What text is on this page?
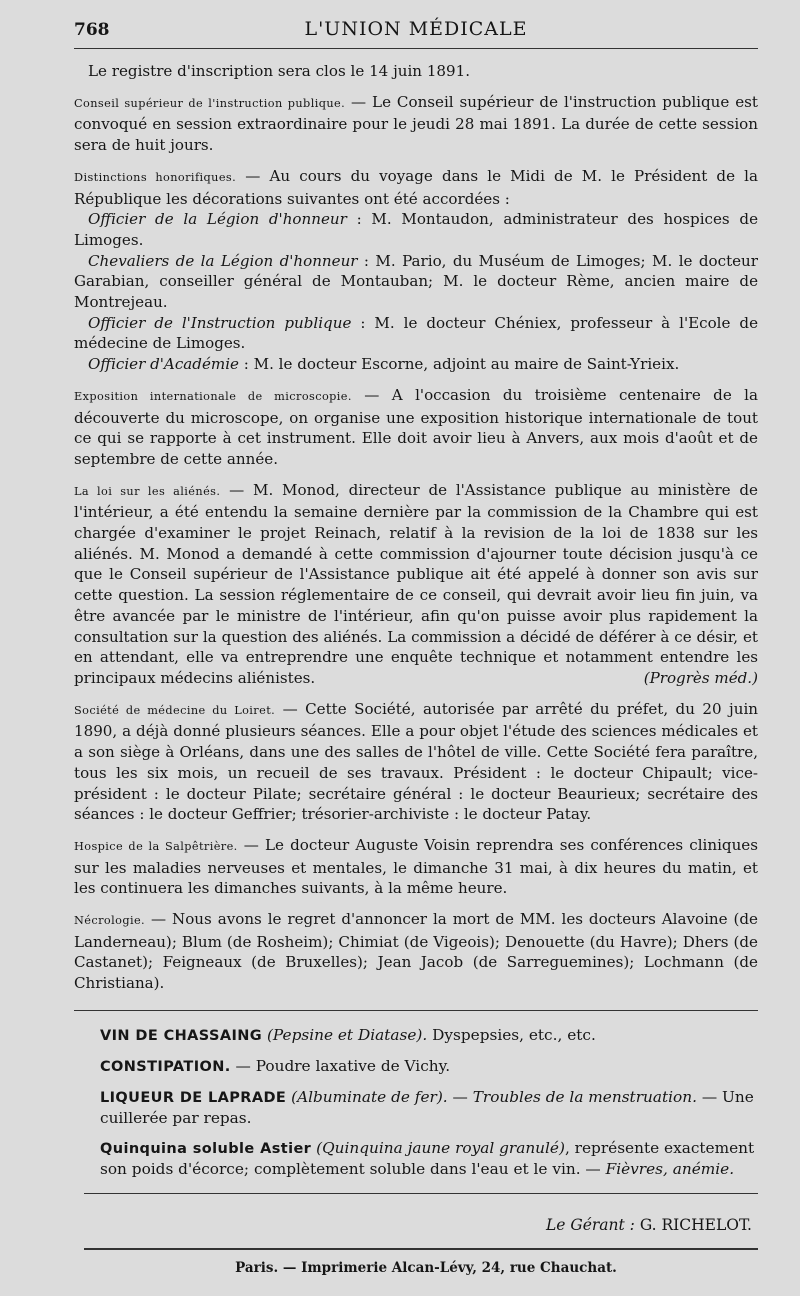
768	L'UNION MÉDICALE

Le registre d'inscription sera clos le 14 juin 1891.

Conseil supérieur de l'instruction publique. — Le Conseil supérieur de l'instruction publique est convoqué en session extraordinaire pour le jeudi 28 mai 1891. La durée de cette session sera de huit jours.

Distinctions honorifiques. — Au cours du voyage dans le Midi de M. le Président de la République les décorations suivantes ont été accordées :

Officier de la Légion d'honneur : M. Montaudon, administrateur des hospices de Limoges.

Chevaliers de la Légion d'honneur : M. Pario, du Muséum de Limoges; M. le docteur Garabian, conseiller général de Montauban; M. le docteur Rème, ancien maire de Montrejeau.

Officier de l'Instruction publique : M. le docteur Chéniex, professeur à l'Ecole de médecine de Limoges.

Officier d'Académie : M. le docteur Escorne, adjoint au maire de Saint-Yrieix.

Exposition internationale de microscopie. — A l'occasion du troisième centenaire de la découverte du microscope, on organise une exposition historique internationale de tout ce qui se rapporte à cet instrument. Elle doit avoir lieu à Anvers, aux mois d'août et de septembre de cette année.

La loi sur les aliénés. — M. Monod, directeur de l'Assistance publique au ministère de l'intérieur, a été entendu la semaine dernière par la commission de la Chambre qui est chargée d'examiner le projet Reinach, relatif à la revision de la loi de 1838 sur les aliénés. M. Monod a demandé à cette commission d'ajourner toute décision jusqu'à ce que le Conseil supérieur de l'Assistance publique ait été appelé à donner son avis sur cette question. La session réglementaire de ce conseil, qui devrait avoir lieu fin juin, va être avancée par le ministre de l'intérieur, afin qu'on puisse avoir plus rapidement la consultation sur la question des aliénés. La commission a décidé de déférer à ce désir, et en attendant, elle va entreprendre une enquête technique et notamment entendre les principaux médecins aliénistes.	(Progrès méd.)

Société de médecine du Loiret. — Cette Société, autorisée par arrêté du préfet, du 20 juin 1890, a déjà donné plusieurs séances. Elle a pour objet l'étude des sciences médicales et a son siège à Orléans, dans une des salles de l'hôtel de ville. Cette Société fera paraître, tous les six mois, un recueil de ses travaux. Président : le docteur Chipault; vice-président : le docteur Pilate; secrétaire général : le docteur Beaurieux; secrétaire des séances : le docteur Geffrier; trésorier-archiviste : le docteur Patay.

Hospice de la Salpêtrière. — Le docteur Auguste Voisin reprendra ses conférences cliniques sur les maladies nerveuses et mentales, le dimanche 31 mai, à dix heures du matin, et les continuera les dimanches suivants, à la même heure.

Nécrologie. — Nous avons le regret d'annoncer la mort de MM. les docteurs Alavoine (de Landerneau); Blum (de Rosheim); Chimiat (de Vigeois); Denouette (du Havre); Dhers (de Castanet); Feigneaux (de Bruxelles); Jean Jacob (de Sarreguemines); Lochmann (de Christiana).

VIN DE CHASSAING (Pepsine et Diatase). Dyspepsies, etc., etc.
CONSTIPATION. — Poudre laxative de Vichy.
LIQUEUR DE LAPRADE (Albuminate de fer). — Troubles de la menstruation. — Une cuillerée par repas.
Quinquina soluble Astier (Quinquina jaune royal granulé), représente exactement son poids d'écorce; complètement soluble dans l'eau et le vin. — Fièvres, anémie.
Le Gérant : G. RICHELOT.
Paris. — Imprimerie Alcan-Lévy, 24, rue Chauchat.
